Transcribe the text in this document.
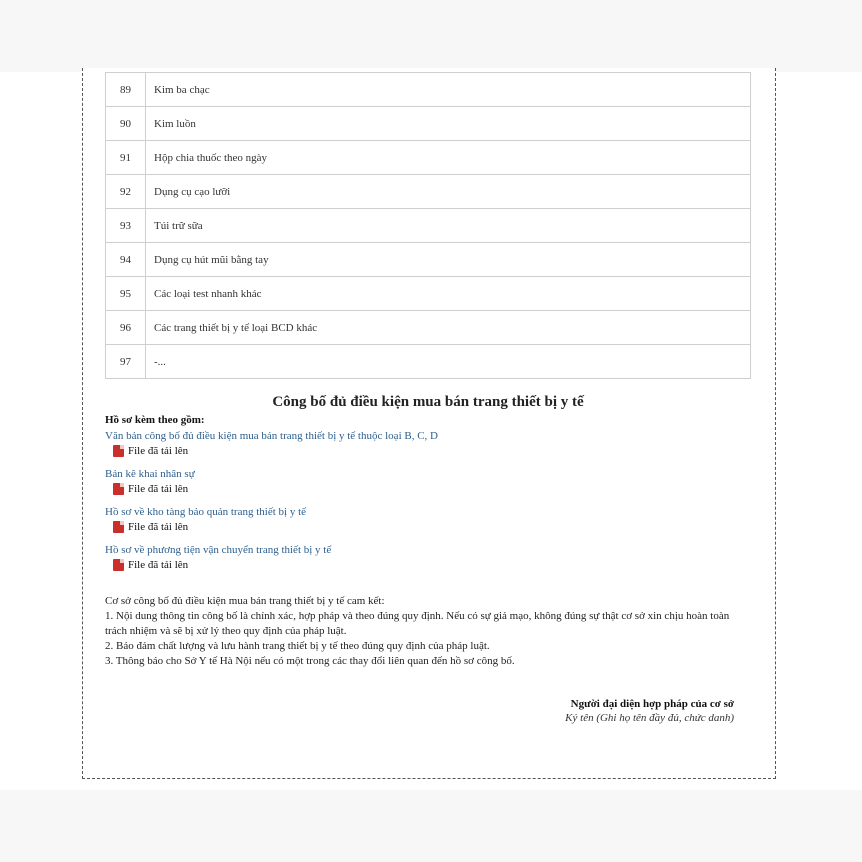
89	Kim ba chạc
90	Kim luồn
91	Hộp chia thuốc theo ngày
92	Dụng cụ cạo lưỡi
93	Túi trữ sữa
94	Dụng cụ hút mũi bằng tay
95	Các loại test nhanh khác
96	Các trang thiết bị y tế loại BCD khác
97	-...
Công bố đủ điều kiện mua bán trang thiết bị y tế
Hồ sơ kèm theo gồm:
Văn bản công bố đủ điều kiện mua bán trang thiết bị y tế thuộc loại B, C, D
File đã tải lên
Bản kê khai nhân sự
File đã tải lên
Hồ sơ về kho tàng bảo quản trang thiết bị y tế
File đã tải lên
Hồ sơ về phương tiện vận chuyển trang thiết bị y tế
File đã tải lên

Cơ sở công bố đủ điều kiện mua bán trang thiết bị y tế cam kết:

1. Nội dung thông tin công bố là chính xác, hợp pháp và theo đúng quy định. Nếu có sự giả mạo, không đúng sự thật cơ sở xin chịu hoàn toàn trách nhiệm và sẽ bị xử lý theo quy định của pháp luật.

2. Bảo đảm chất lượng và lưu hành trang thiết bị y tế theo đúng quy định của pháp luật.

3. Thông báo cho Sở Y tế Hà Nội nếu có một trong các thay đổi liên quan đến hồ sơ công bố.

Người đại diện hợp pháp của cơ sở
Ký tên (Ghi họ tên đầy đủ, chức danh)
